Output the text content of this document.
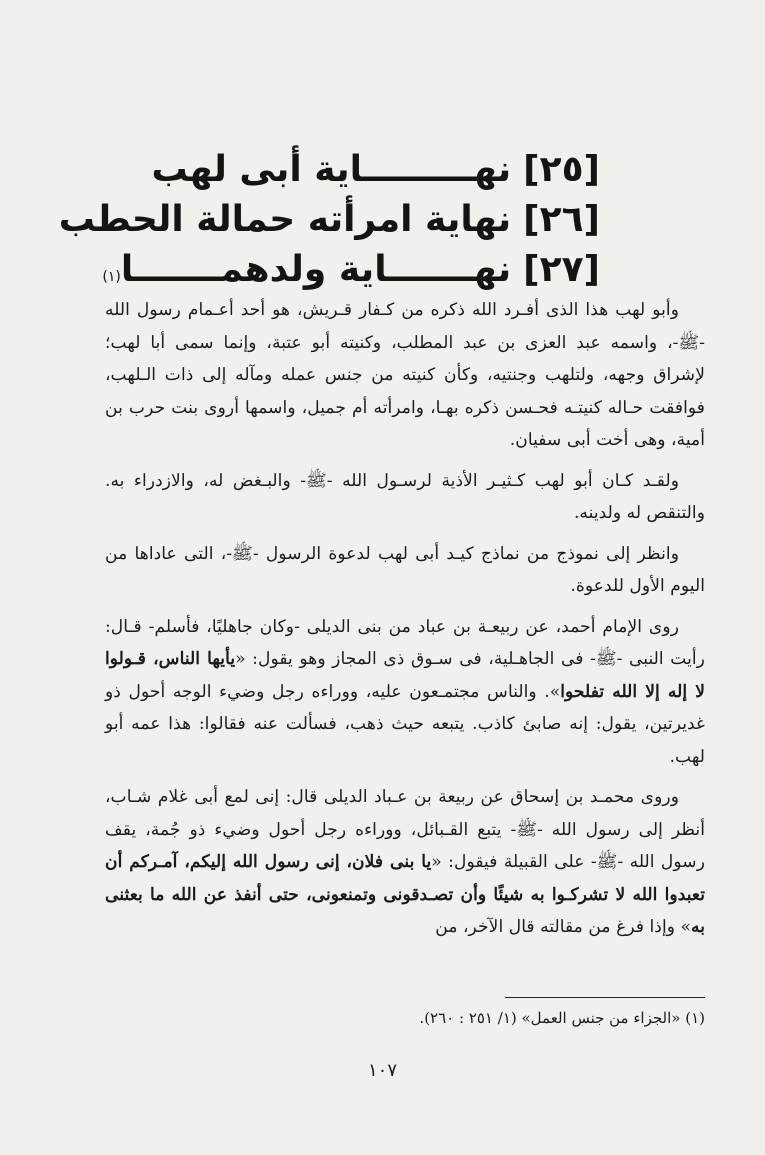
[٢٥]
نهـــــــــاية أبى لهب
[٢٦]
نهاية امرأته حمالة الحطب
[٢٧]
نهـــــــاية ولدهمـــــــا
(١)

وأبو لهب هذا الذى أفـرد الله ذكره من كـفار قـريش، هو أحد أعـمام رسول الله -ﷺ-، واسمه عبد العزى بن عبد المطلب، وكنيته أبو عتبة، وإنما سمى أبا لهب؛ لإشراق وجهه، ولتلهب وجنتيه، وكأن كنيته من جنس عمله ومآله إلى ذات الـلهب، فوافقت حـاله كنيتـه فحـسن ذكره بهـا، وامرأته أم جميل، واسمها أروى بنت حرب بن أمية، وهى أخت أبى سفيان.

ولقـد كـان أبو لهب كـثيـر الأذية لرسـول الله -ﷺ- والبـغض له، والازدراء به. والتنقص له ولدينه.

وانظر إلى نموذج من نماذج كيـد أبى لهب لدعوة الرسول -ﷺ-، التى عاداها من اليوم الأول للدعوة.

روى الإمام أحمد، عن ربيعـة بن عباد من بنى الديلى -وكان جاهليًا، فأسلم- قـال: رأيت النبى -ﷺ- فى الجاهـلية، فى سـوق ذى المجاز وهو يقول: «يأيها الناس، قـولوا لا إله إلا الله تفلحوا». والناس مجتمـعون عليه، ووراءه رجل وضيء الوجه أحول ذو غديرتين، يقول: إنه صابئ كاذب. يتبعه حيث ذهب، فسألت عنه فقالوا: هذا عمه أبو لهب.

وروى محمـد بن إسحاق عن ربيعة بن عـباد الديلى قال: إنى لمع أبى غلام شـاب، أنظر إلى رسول الله -ﷺ- يتبع القـبائل، ووراءه رجل أحول وضيء ذو جُمة، يقف رسول الله -ﷺ- على القبيلة فيقول: «يا بنى فلان، إنى رسول الله إليكم، آمـركم أن تعبدوا الله لا تشركـوا به شيئًا وأن تصـدقونى وتمنعونى، حتى أنفذ عن الله ما بعثنى به» وإذا فرغ من مقالته قال الآخر، من

(١) «الجزاء من جنس العمل» (١/ ٢٥١ : ٢٦٠).
١٠٧
